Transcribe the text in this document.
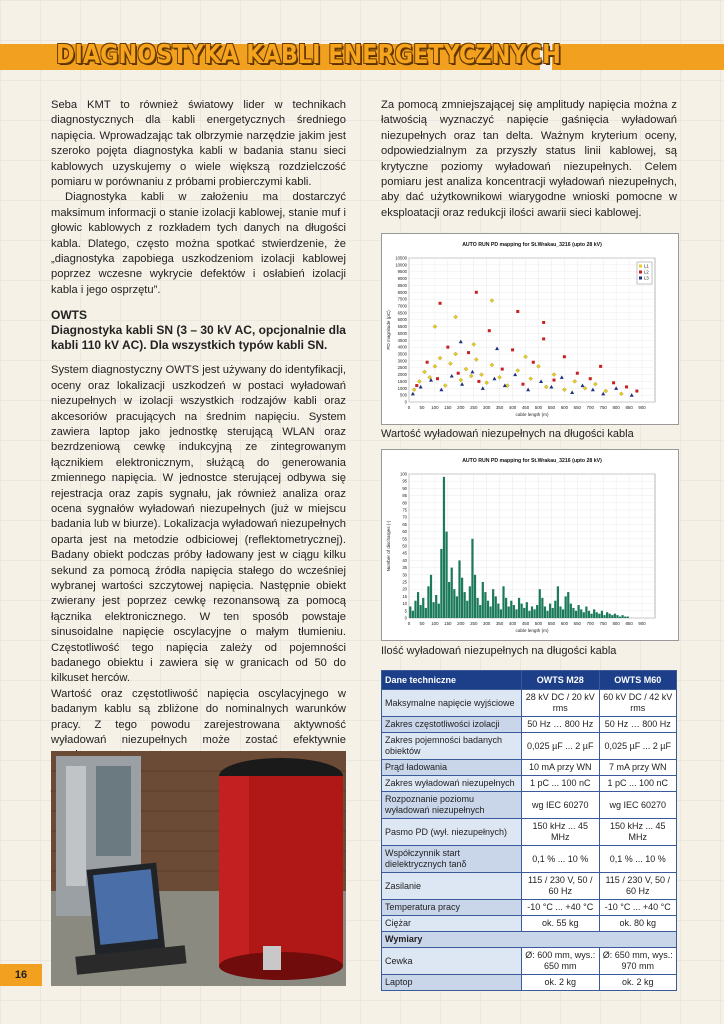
DIAGNOSTYKA KABLI ENERGETYCZNYCH

Seba KMT to również światowy lider w technikach diagnostycznych dla kabli energetycznych średniego napięcia. Wprowadzając tak olbrzymie narzędzie jakim jest szeroko pojęta diagnostyka kabli w badania stanu sieci kablowych uzyskujemy o wiele większą rozdzielczość pomiaru w porównaniu z próbami probierczymi kabli.

Diagnostyka kabli w założeniu ma dostarczyć maksimum informacji o stanie izolacji kablowej, stanie muf i głowic kablowych z rozkładem tych danych na długości kabla. Dlatego, często można spotkać stwierdzenie, że „diagnostyka zapobiega uszkodzeniom izolacji kablowej poprzez wczesne wykrycie defektów i osłabień izolacji kabla i jego osprzętu”.

OWTS

Diagnostyka kabli SN (3 – 30 kV AC, opcjonalnie dla kabli 110 kV AC). Dla wszystkich typów kabli SN.

System diagnostyczny OWTS jest używany do identyfikacji, oceny oraz lokalizacji uszkodzeń w postaci wyładowań niezupełnych w izolacji wszystkich rodzajów kabli oraz akcesoriów pracujących na średnim napięciu. System zawiera laptop jako jednostkę sterującą WLAN oraz bezrdzeniową cewkę indukcyjną ze zintegrowanym łącznikiem elektronicznym, służącą do generowania zmiennego napięcia. W jednostce sterującej odbywa się rejestracja oraz zapis sygnału, jak również analiza oraz ocena sygnałów wyładowań niezupełnych (już w miejscu badania lub w biurze). Lokalizacja wyładowań niezupełnych oparta jest na metodzie odbiciowej (reflektometrycznej). Badany obiekt podczas próby ładowany jest w ciągu kilku sekund za pomocą źródła napięcia stałego do wcześniej wybranej wartości szczytowej napięcia. Następnie obiekt zwierany jest poprzez cewkę rezonansową za pomocą łącznika elektronicznego. W ten sposób powstaje sinusoidalne napięcie oscylacyjne o małym tłumieniu. Częstotliwość tego napięcia zależy od pojemności badanego obiektu i zawiera się w granicach od 50 do kilkuset herców.

Wartość oraz częstotliwość napięcia oscylacyjnego w badanym kablu są zbliżone do nominalnych warunków pracy. Z tego powodu zarejestrowana aktywność wyładowań niezupełnych może zostać efektywnie

Za pomocą zmniejszającej się amplitudy napięcia można z łatwością wyznaczyć napięcie gaśnięcia wyładowań niezupełnych oraz tan delta. Ważnym kryterium oceny, odpowiedzialnym za przyszły status linii kablowej, są krytyczne poziomy wyładowań niezupełnych. Celem pomiaru jest analiza koncentracji wyładowań niezupełnych, aby dać użytkownikowi wiarygodne wnioski pomocne w eksploatacji oraz redukcji ilości awarii sieci kablowej.

AUTO RUN PD mapping for St.Wrakau_3216 (upto 28 kV)
0 50 100 150 200 250 300 350 400 450 500 550 600 650 700 750 800 850 900
10500
10000
9500
9000
8500
8000
7500
7000
6500
6000
5500
5000
4500
4000
3500
3000
2500
2000
1500
1000
500
0
cable length (m)
PD magnitude (pC)
L1
L2
L3
Wartość wyładowań niezupełnych na długości kabla
AUTO RUN PD mapping for St.Wrakau_3216 (upto 28 kV)
0 50 100 150 200 250 300 350 400 450 500 550 600 650 700 750 800 850 900
100
95
90
85
80
75
70
65
60
55
50
45
40
35
30
25
20
15
10
5
0
cable length (m)
Number of discharges (-)
Ilość wyładowań niezupełnych na długości kabla
Dane techniczne	OWTS M28	OWTS M60
Maksymalne napięcie wyjściowe	28 kV DC / 20 kV rms	60 kV DC / 42 kV rms
Zakres częstotliwości izolacji	50 Hz … 800 Hz	50 Hz … 800 Hz
Zakres pojemności badanych obiektów	0,025 µF ... 2 µF	0,025 µF ... 2 µF
Prąd ładowania	10 mA przy WN	7 mA przy WN
Zakres wyładowań niezupełnych	1 pC ... 100 nC	1 pC ... 100 nC
Rozpoznanie poziomu wyładowań niezupełnych	wg IEC 60270	wg IEC 60270
Pasmo PD (wył. niezupełnych)	150 kHz ... 45 MHz	150 kHz ... 45 MHz
Współczynnik start dielektrycznych tanδ	0,1 % ... 10 %	0,1 % ... 10 %
Zasilanie	115 / 230 V, 50 / 60 Hz	115 / 230 V, 50 / 60 Hz
Temperatura pracy	-10 °C ... +40 °C	-10 °C ... +40 °C
Ciężar	ok. 55 kg	ok. 80 kg
Wymiary		
Cewka	Ø: 600 mm, wys.: 650 mm	Ø: 650 mm, wys.: 970 mm
Laptop	ok. 2 kg	ok. 2 kg
16
